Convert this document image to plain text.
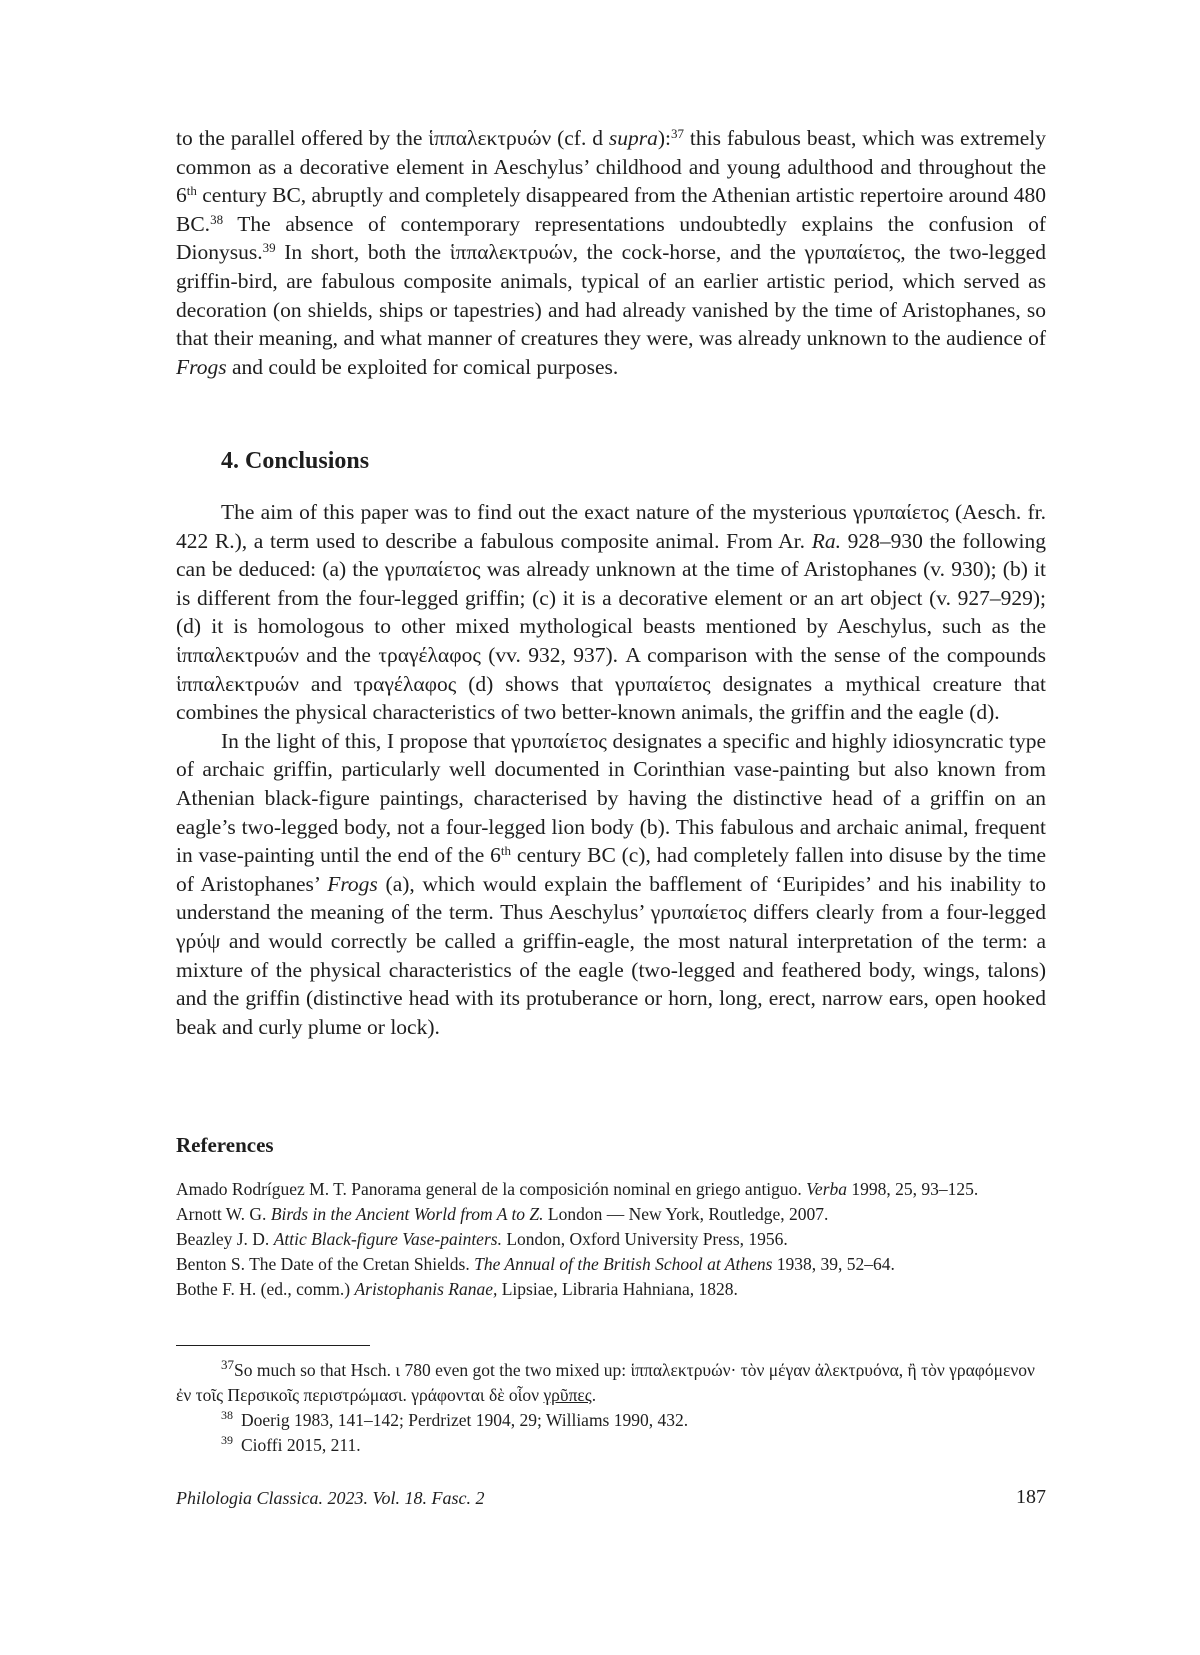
to the parallel offered by the ἱππαλεκτρυών (cf. d supra):$^{37}$ this fabulous beast, which was extremely common as a decorative element in Aeschylus’ childhood and young adulthood and throughout the 6th century BC, abruptly and completely disappeared from the Athenian artistic repertoire around 480 BC.$^{38}$ The absence of contemporary representations undoubtedly explains the confusion of Dionysus.$^{39}$ In short, both the ἱππαλεκτρυών, the cock-horse, and the γρυπαίετος, the two-legged griffin-bird, are fabulous composite animals, typical of an earlier artistic period, which served as decoration (on shields, ships or tapestries) and had already vanished by the time of Aristophanes, so that their meaning, and what manner of creatures they were, was already unknown to the audience of Frogs and could be exploited for comical purposes.

4. Conclusions

The aim of this paper was to find out the exact nature of the mysterious γρυπαίετος (Aesch. fr. 422 R.), a term used to describe a fabulous composite animal. From Ar. Ra. 928–930 the following can be deduced: (a) the γρυπαίετος was already unknown at the time of Aristophanes (v. 930); (b) it is different from the four-legged griffin; (c) it is a decorative element or an art object (v. 927–929); (d) it is homologous to other mixed mythological beasts mentioned by Aeschylus, such as the ἱππαλεκτρυών and the τραγέλαφος (vv. 932, 937). A comparison with the sense of the compounds ἱππαλεκτρυών and τραγέλαφος (d) shows that γρυπαίετος designates a mythical creature that combines the physical characteristics of two better-known animals, the griffin and the eagle (d).

In the light of this, I propose that γρυπαίετος designates a specific and highly idiosyncratic type of archaic griffin, particularly well documented in Corinthian vase-painting but also known from Athenian black-figure paintings, characterised by having the distinctive head of a griffin on an eagle’s two-legged body, not a four-legged lion body (b). This fabulous and archaic animal, frequent in vase-painting until the end of the 6th century BC (c), had completely fallen into disuse by the time of Aristophanes’ Frogs (a), which would explain the bafflement of ‘Euripides’ and his inability to understand the meaning of the term. Thus Aeschylus’ γρυπαίετος differs clearly from a four-legged γρύψ and would correctly be called a griffin-eagle, the most natural interpretation of the term: a mixture of the physical characteristics of the eagle (two-legged and feathered body, wings, talons) and the griffin (distinctive head with its protuberance or horn, long, erect, narrow ears, open hooked beak and curly plume or lock).

References
Amado Rodríguez M. T. Panorama general de la composición nominal en griego antiguo. Verba 1998, 25, 93–125.
Arnott W. G. Birds in the Ancient World from A to Z. London — New York, Routledge, 2007.
Beazley J. D. Attic Black-figure Vase-painters. London, Oxford University Press, 1956.
Benton S. The Date of the Cretan Shields. The Annual of the British School at Athens 1938, 39, 52–64.
Bothe F. H. (ed., comm.) Aristophanis Ranae, Lipsiae, Libraria Hahniana, 1828.

$^{37}$So much so that Hsch. ι 780 even got the two mixed up: ἱππαλεκτρυών· τὸν μέγαν ἀλεκτρυόνα, ἢ τὸν γραφόμενον ἐν τοῖς Περσικοῖς περιστρώμασι. γράφονται δὲ οἷον γρῦπες.

$^{38}$ Doerig 1983, 141–142; Perdrizet 1904, 29; Williams 1990, 432.

$^{39}$ Cioffi 2015, 211.

Philologia Classica. 2023. Vol. 18. Fasc. 2	187
